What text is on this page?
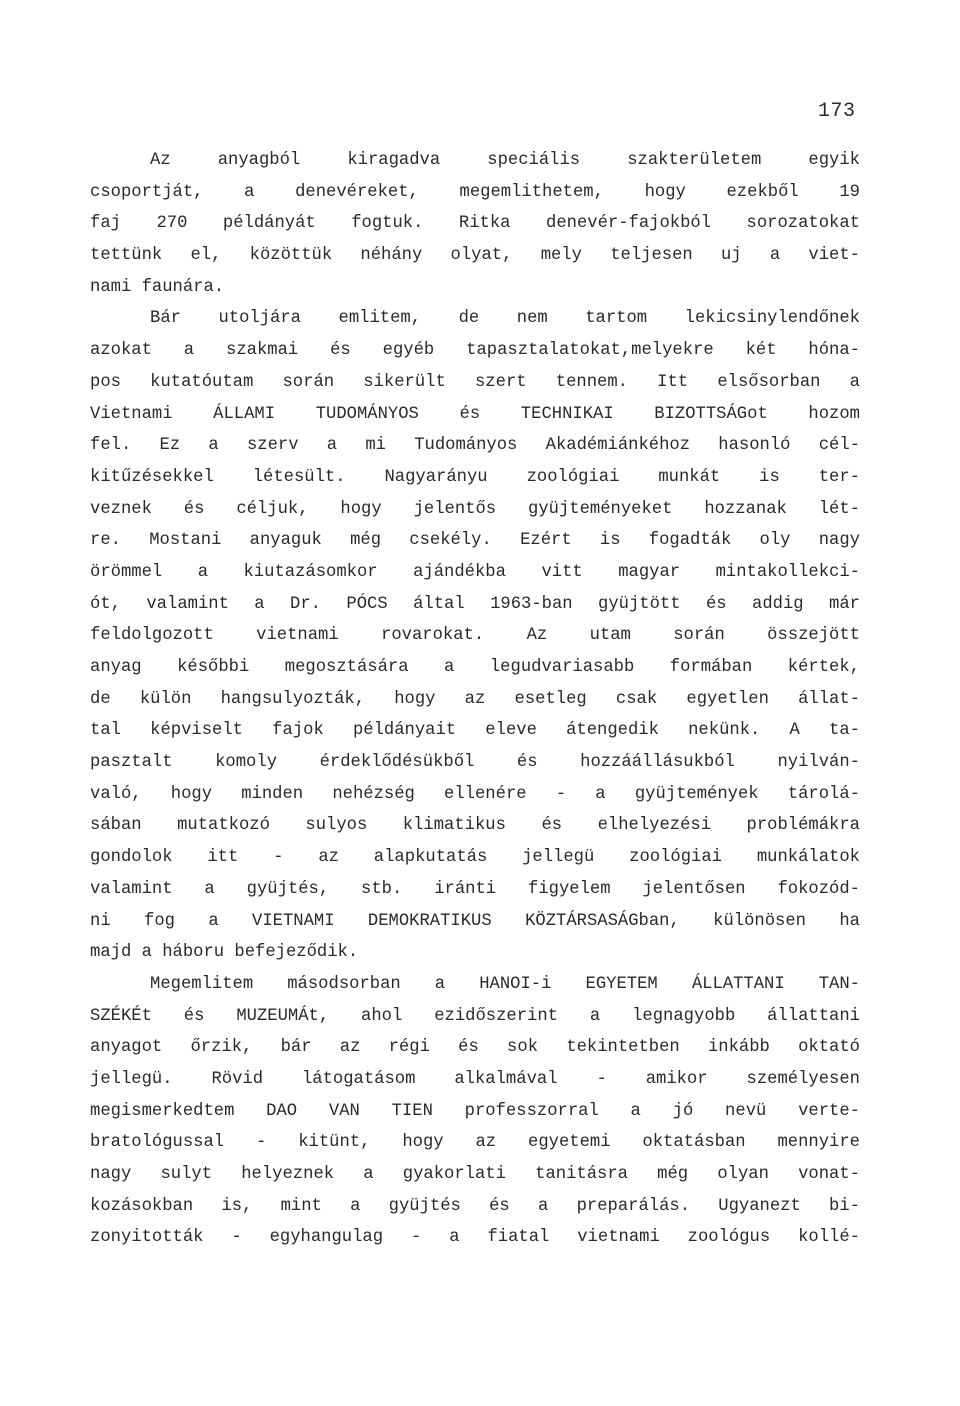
173
Az anyagból kiragadva speciális szakterületem egyik
csoportját, a denevéreket, megemlithetem, hogy ezekből 19
faj 270 példányát fogtuk. Ritka denevér-fajokból sorozatokat
tettünk el, közöttük néhány olyat, mely teljesen uj a viet-
nami faunára.
Bár utoljára emlitem, de nem tartom lekicsinylendőnek
azokat a szakmai és egyéb tapasztalatokat,melyekre két hóna-
pos kutatóutam során sikerült szert tennem. Itt elsősorban a
Vietnami ÁLLAMI TUDOMÁNYOS és TECHNIKAI BIZOTTSÁGot hozom
fel. Ez a szerv a mi Tudományos Akadémiánkéhoz hasonló cél-
kitűzésekkel létesült. Nagyarányu zoológiai munkát is ter-
veznek és céljuk, hogy jelentős gyüjteményeket hozzanak lét-
re. Mostani anyaguk még csekély. Ezért is fogadták oly nagy
örömmel a kiutazásomkor ajándékba vitt magyar mintakollekci-
ót, valamint a Dr. PÓCS által 1963-ban gyüjtött és addig már
feldolgozott vietnami rovarokat. Az utam során összejött
anyag későbbi megosztására a legudvariasabb formában kértek,
de külön hangsulyozták, hogy az esetleg csak egyetlen állat-
tal képviselt fajok példányait eleve átengedik nekünk. A ta-
pasztalt komoly érdeklődésükből és hozzáállásukból nyilván-
való, hogy minden nehézség ellenére - a gyüjtemények tárolá-
sában mutatkozó sulyos klimatikus és elhelyezési problémákra
gondolok itt - az alapkutatás jellegü zoológiai munkálatok
valamint a gyüjtés, stb. iránti figyelem jelentősen fokozód-
ni fog a VIETNAMI DEMOKRATIKUS KÖZTÁRSASÁGban, különösen ha
majd a háboru befejeződik.
Megemlitem másodsorban a HANOI-i EGYETEM ÁLLATTANI TAN-
SZÉKÉt és MUZEUMÁt, ahol ezidőszerint a legnagyobb állattani
anyagot őrzik, bár az régi és sok tekintetben inkább oktató
jellegü. Rövid látogatásom alkalmával - amikor személyesen
megismerkedtem DAO VAN TIEN professzorral a jó nevü verte-
bratológussal - kitünt, hogy az egyetemi oktatásban mennyire
nagy sulyt helyeznek a gyakorlati tanitásra még olyan vonat-
kozásokban is, mint a gyüjtés és a preparálás. Ugyanezt bi-
zonyitották - egyhangulag - a fiatal vietnami zoológus kollé-
